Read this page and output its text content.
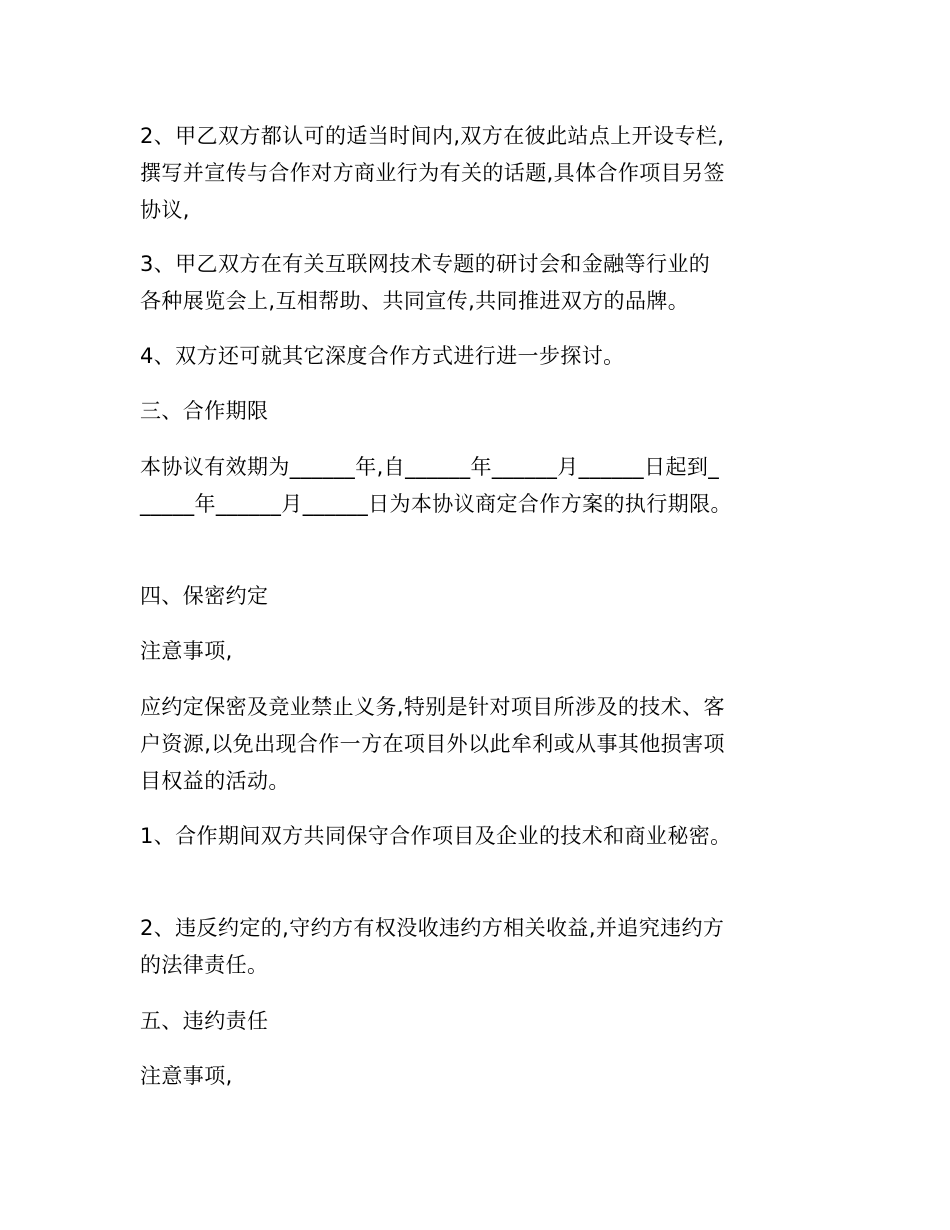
2、甲乙双方都认可的适当时间内,双方在彼此站点上开设专栏,

撰写并宣传与合作对方商业行为有关的话题,具体合作项目另签

协议,

3、甲乙双方在有关互联网技术专题的研讨会和金融等行业的

各种展览会上,互相帮助、共同宣传,共同推进双方的品牌。

4、双方还可就其它深度合作方式进行进一步探讨。

三、合作期限

本协议有效期为______年,自______年______月______日起到_

_____年______月______日为本协议商定合作方案的执行期限。

四、保密约定

注意事项,

应约定保密及竞业禁止义务,特别是针对项目所涉及的技术、客

户资源,以免出现合作一方在项目外以此牟利或从事其他损害项

目权益的活动。

1、合作期间双方共同保守合作项目及企业的技术和商业秘密。

2、违反约定的,守约方有权没收违约方相关收益,并追究违约方

的法律责任。

五、违约责任

注意事项,
